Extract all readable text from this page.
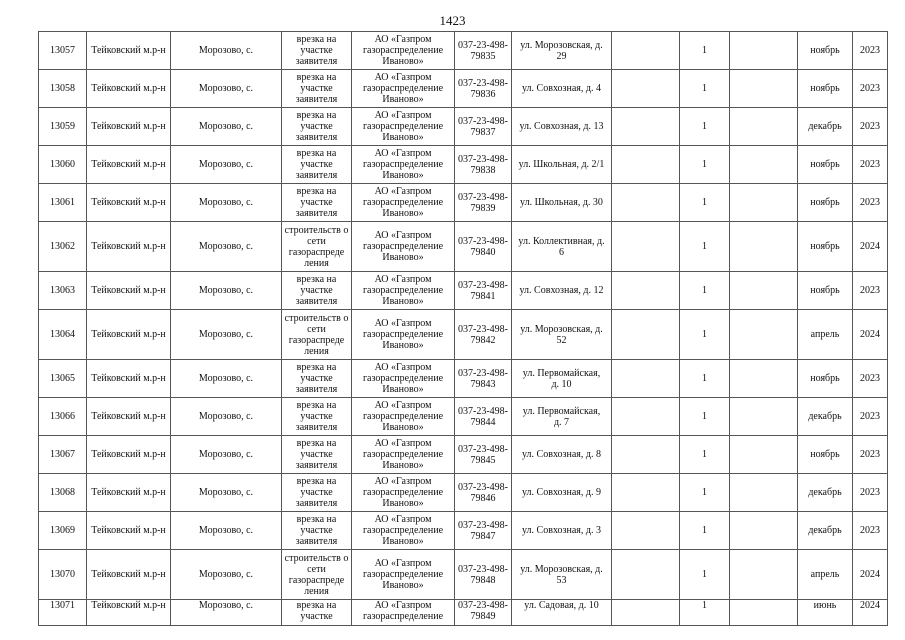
1423
13057	Тейковский м.р-н	Морозово, с.	врезка на участке заявителя	АО «Газпром газораспределение Иваново»	037-23-498-79835	ул. Морозовская, д. 29		1		ноябрь	2023
13058	Тейковский м.р-н	Морозово, с.	врезка на участке заявителя	АО «Газпром газораспределение Иваново»	037-23-498-79836	ул. Совхозная, д. 4		1		ноябрь	2023
13059	Тейковский м.р-н	Морозово, с.	врезка на участке заявителя	АО «Газпром газораспределение Иваново»	037-23-498-79837	ул. Совхозная, д. 13		1		декабрь	2023
13060	Тейковский м.р-н	Морозово, с.	врезка на участке заявителя	АО «Газпром газораспределение Иваново»	037-23-498-79838	ул. Школьная, д. 2/1		1		ноябрь	2023
13061	Тейковский м.р-н	Морозово, с.	врезка на участке заявителя	АО «Газпром газораспределение Иваново»	037-23-498-79839	ул. Школьная, д. 30		1		ноябрь	2023
13062	Тейковский м.р-н	Морозово, с.	строительств о сети газораспреде ления	АО «Газпром газораспределение Иваново»	037-23-498-79840	ул. Коллективная, д. 6		1		ноябрь	2024
13063	Тейковский м.р-н	Морозово, с.	врезка на участке заявителя	АО «Газпром газораспределение Иваново»	037-23-498-79841	ул. Совхозная, д. 12		1		ноябрь	2023
13064	Тейковский м.р-н	Морозово, с.	строительств о сети газораспреде ления	АО «Газпром газораспределение Иваново»	037-23-498-79842	ул. Морозовская, д. 52		1		апрель	2024
13065	Тейковский м.р-н	Морозово, с.	врезка на участке заявителя	АО «Газпром газораспределение Иваново»	037-23-498-79843	ул. Первомайская, д. 10		1		ноябрь	2023
13066	Тейковский м.р-н	Морозово, с.	врезка на участке заявителя	АО «Газпром газораспределение Иваново»	037-23-498-79844	ул. Первомайская, д. 7		1		декабрь	2023
13067	Тейковский м.р-н	Морозово, с.	врезка на участке заявителя	АО «Газпром газораспределение Иваново»	037-23-498-79845	ул. Совхозная, д. 8		1		ноябрь	2023
13068	Тейковский м.р-н	Морозово, с.	врезка на участке заявителя	АО «Газпром газораспределение Иваново»	037-23-498-79846	ул. Совхозная, д. 9		1		декабрь	2023
13069	Тейковский м.р-н	Морозово, с.	врезка на участке заявителя	АО «Газпром газораспределение Иваново»	037-23-498-79847	ул. Совхозная, д. 3		1		декабрь	2023
13070	Тейковский м.р-н	Морозово, с.	строительств о сети газораспреде ления	АО «Газпром газораспределение Иваново»	037-23-498-79848	ул. Морозовская, д. 53		1		апрель	2024
13071	Тейковский м.р-н	Морозово, с.	врезка на участке	АО «Газпром газораспределение	037-23-498-79849	ул. Садовая, д. 10		1		июнь	2024
